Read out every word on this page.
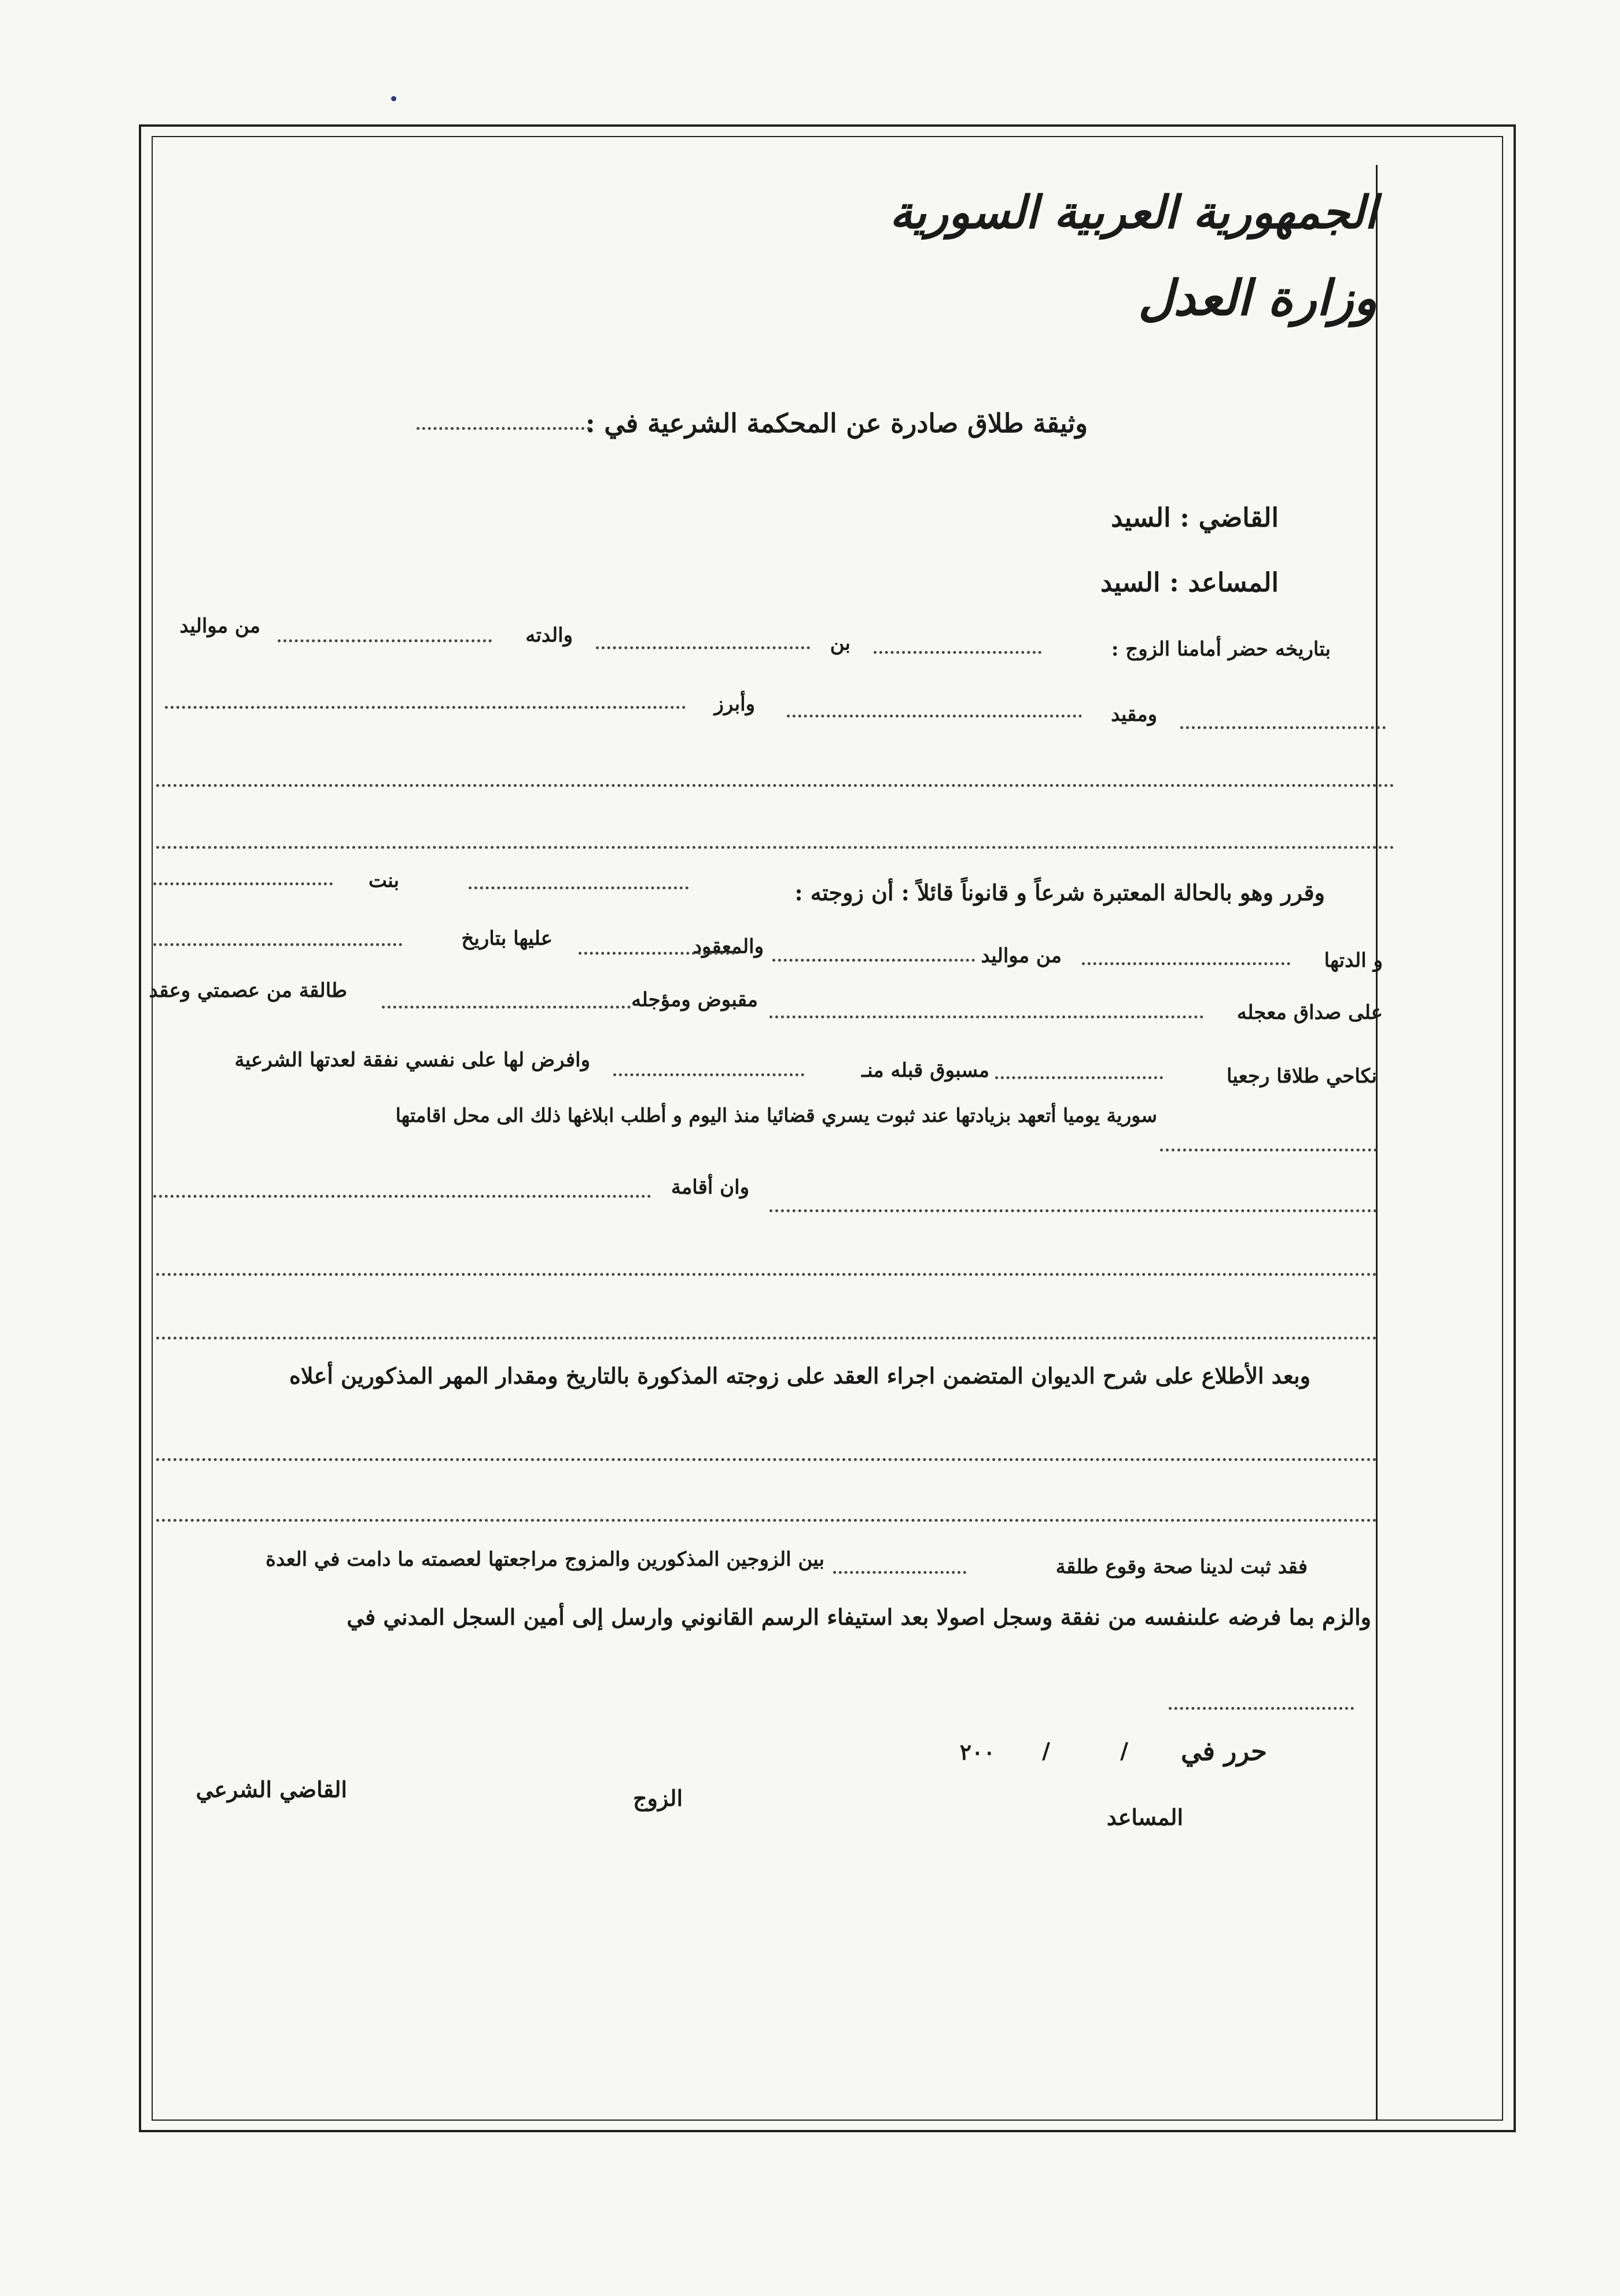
الجمهورية العربية السورية
وزارة العدل
وثيقة طلاق صادرة عن المحكمة الشرعية في :
القاضي : السيد
المساعد : السيد
بتاريخه حضر أمامنا الزوج :
بن
والدته
من مواليد
ومقيد
وأبرز
وقرر وهو بالحالة المعتبرة شرعاً و قانوناً قائلاً : أن زوجته :
بنت
و الدتها
من مواليد
والمعقود
عليها بتاريخ
على صداق معجله
مقبوض ومؤجله
طالقة من عصمتي وعقد
نكاحي طلاقا رجعيا
مسبوق قبله منـ
وافرض لها على نفسي نفقة لعدتها الشرعية
سورية يوميا أتعهد بزيادتها عند ثبوت يسري قضائيا منذ اليوم و أطلب ابلاغها ذلك الى محل اقامتها
وان أقامة
وبعد الأطلاع على شرح الديوان المتضمن اجراء العقد على زوجته المذكورة بالتاريخ ومقدار المهر المذكورين أعلاه
فقد ثبت لدينا صحة وقوع طلقة
بين الزوجين المذكورين والمزوج مراجعتها لعصمته ما دامت في العدة
والزم بما فرضه علىنفسه من نفقة وسجل اصولا بعد استيفاء الرسم القانوني وارسل إلى أمين السجل المدني في
حرر في
/
/
٢٠٠
المساعد
الزوج
القاضي الشرعي
